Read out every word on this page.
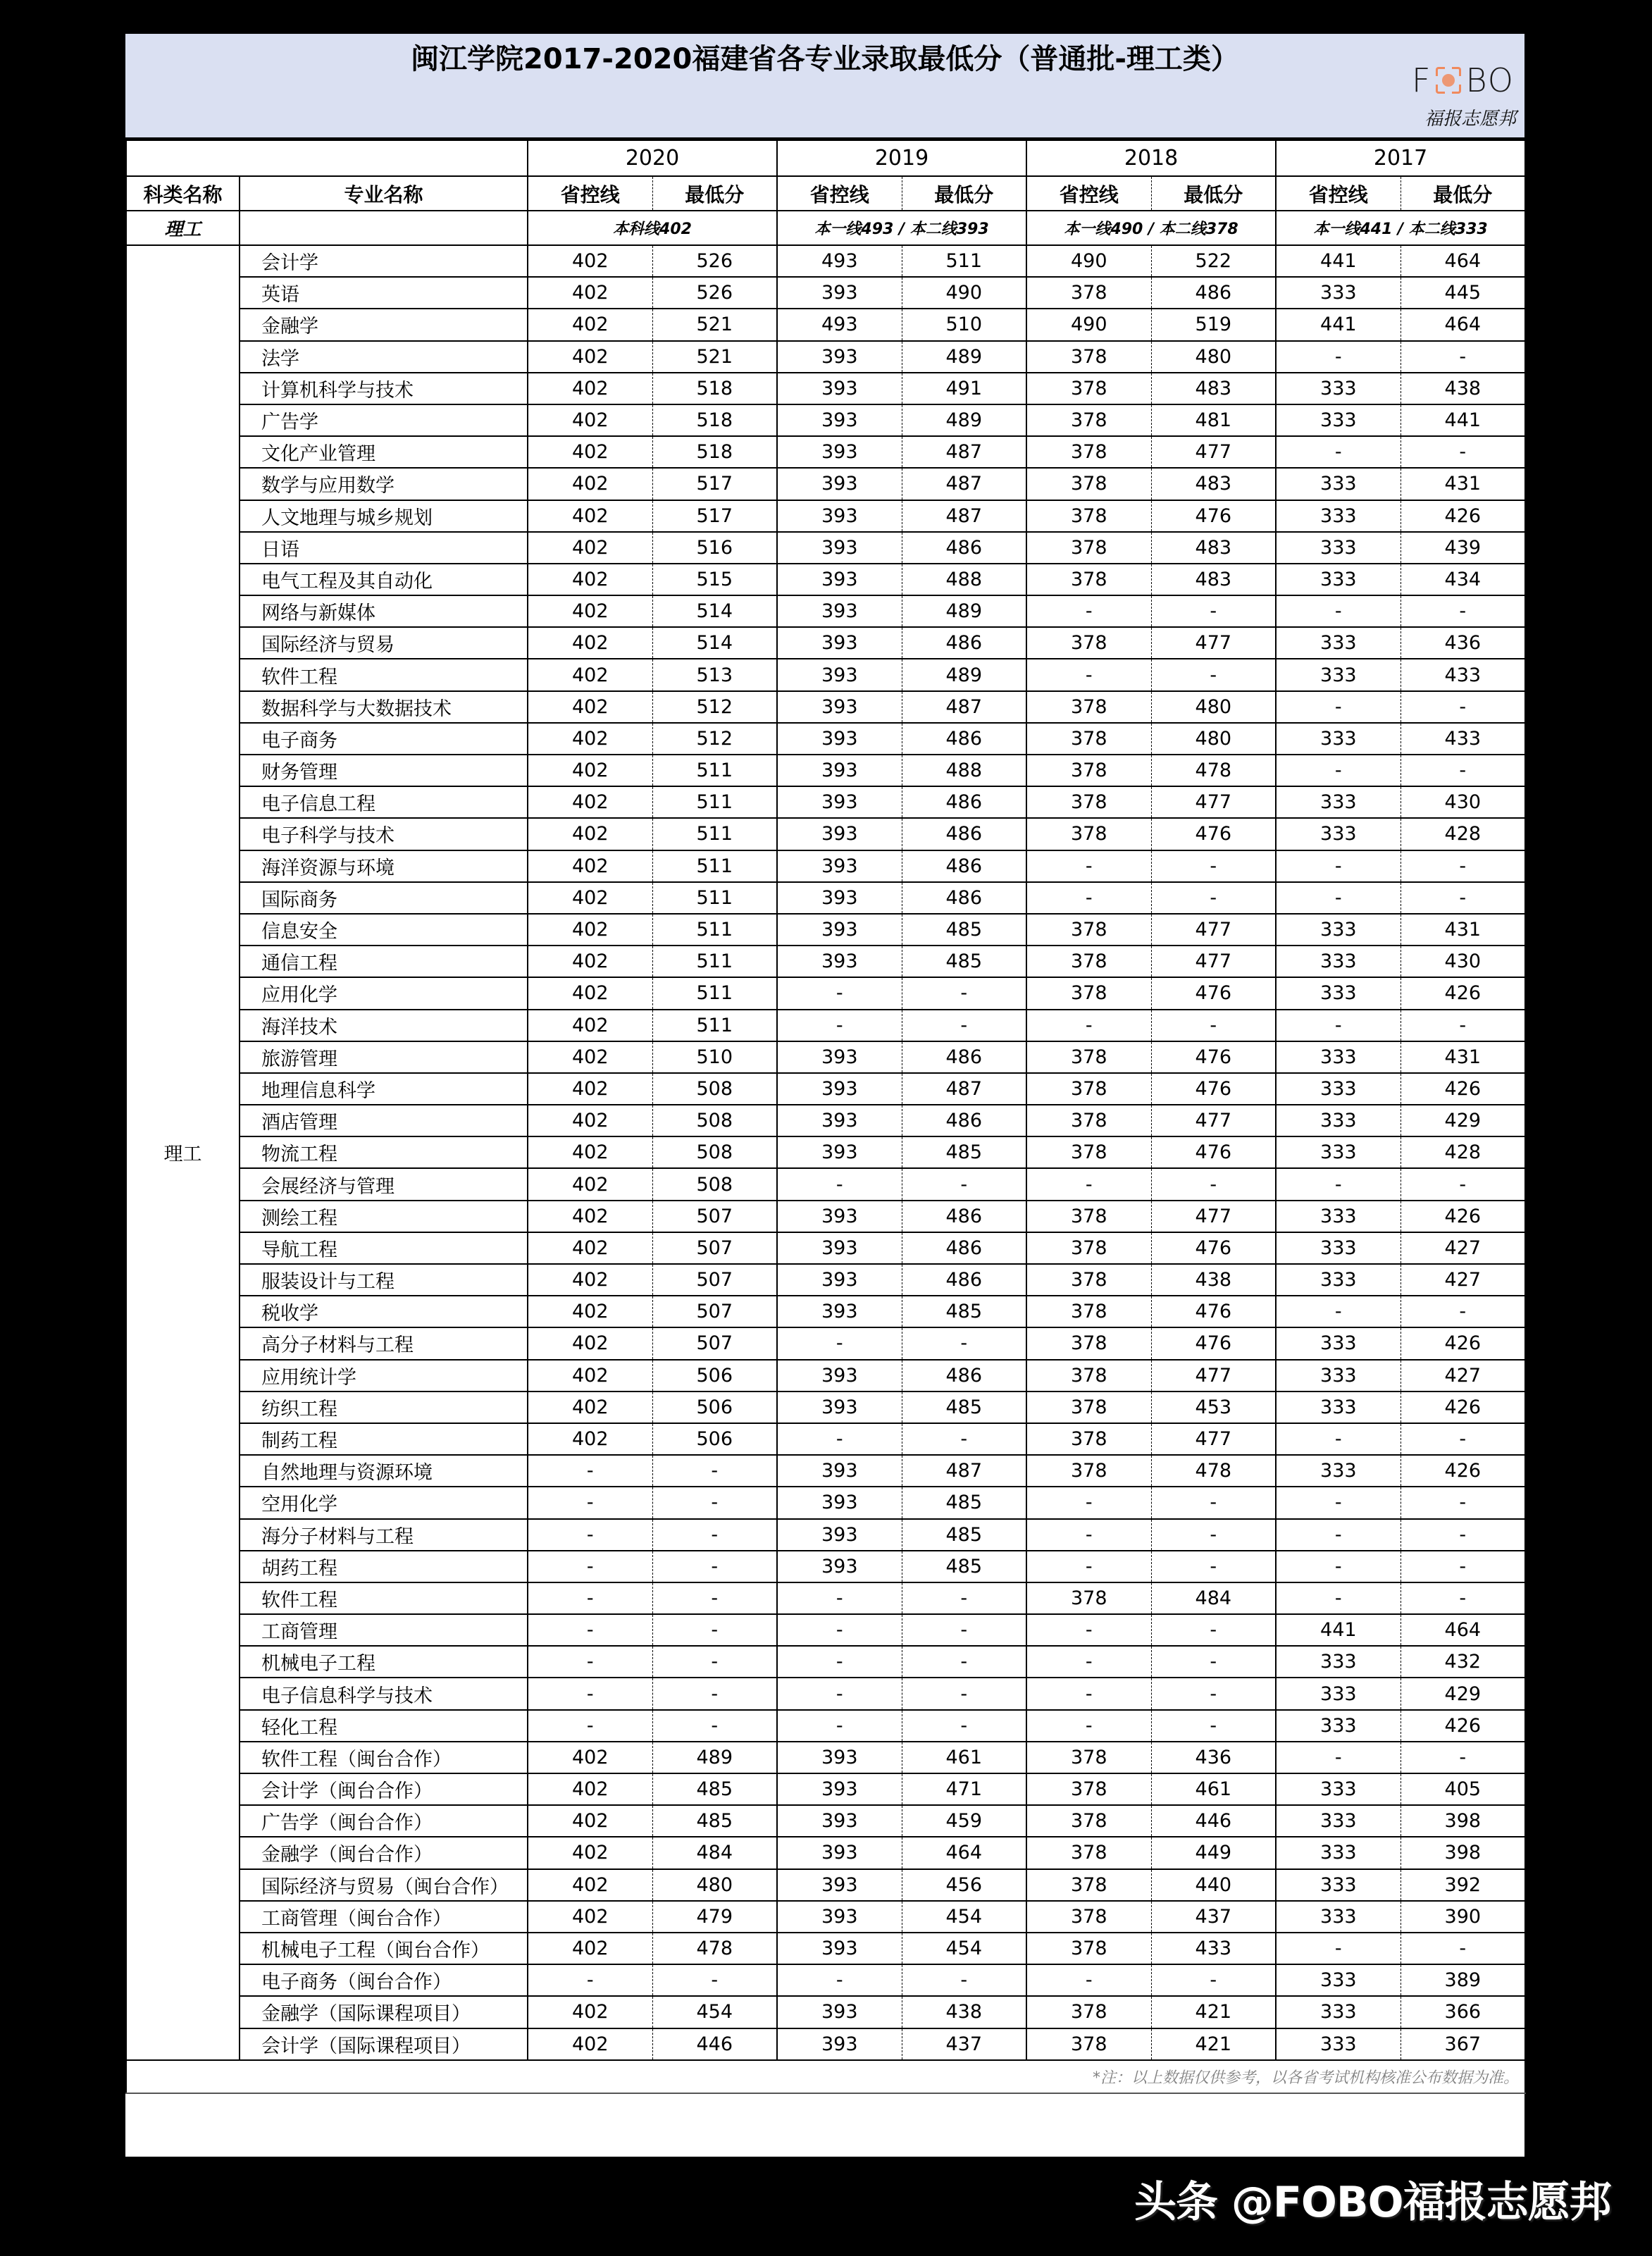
闽江学院2017-2020福建省各专业录取最低分（普通批-理工类）
F BO
福报志愿邦
		2020		2019		2018		2017	
科类名称	专业名称	省控线	最低分	省控线	最低分	省控线	最低分	省控线	最低分
理工		本科线402		本一线493 / 本二线393		本一线490 / 本二线378		本一线441 / 本二线333	
理工	会计学	402	526	493	511	490	522	441	464
	英语	402	526	393	490	378	486	333	445
	金融学	402	521	493	510	490	519	441	464
	法学	402	521	393	489	378	480	-	-
	计算机科学与技术	402	518	393	491	378	483	333	438
	广告学	402	518	393	489	378	481	333	441
	文化产业管理	402	518	393	487	378	477	-	-
	数学与应用数学	402	517	393	487	378	483	333	431
	人文地理与城乡规划	402	517	393	487	378	476	333	426
	日语	402	516	393	486	378	483	333	439
	电气工程及其自动化	402	515	393	488	378	483	333	434
	网络与新媒体	402	514	393	489	-	-	-	-
	国际经济与贸易	402	514	393	486	378	477	333	436
	软件工程	402	513	393	489	-	-	333	433
	数据科学与大数据技术	402	512	393	487	378	480	-	-
	电子商务	402	512	393	486	378	480	333	433
	财务管理	402	511	393	488	378	478	-	-
	电子信息工程	402	511	393	486	378	477	333	430
	电子科学与技术	402	511	393	486	378	476	333	428
	海洋资源与环境	402	511	393	486	-	-	-	-
	国际商务	402	511	393	486	-	-	-	-
	信息安全	402	511	393	485	378	477	333	431
	通信工程	402	511	393	485	378	477	333	430
	应用化学	402	511	-	-	378	476	333	426
	海洋技术	402	511	-	-	-	-	-	-
	旅游管理	402	510	393	486	378	476	333	431
	地理信息科学	402	508	393	487	378	476	333	426
	酒店管理	402	508	393	486	378	477	333	429
	物流工程	402	508	393	485	378	476	333	428
	会展经济与管理	402	508	-	-	-	-	-	-
	测绘工程	402	507	393	486	378	477	333	426
	导航工程	402	507	393	486	378	476	333	427
	服装设计与工程	402	507	393	486	378	438	333	427
	税收学	402	507	393	485	378	476	-	-
	高分子材料与工程	402	507	-	-	378	476	333	426
	应用统计学	402	506	393	486	378	477	333	427
	纺织工程	402	506	393	485	378	453	333	426
	制药工程	402	506	-	-	378	477	-	-
	自然地理与资源环境	-	-	393	487	378	478	333	426
	空用化学	-	-	393	485	-	-	-	-
	海分子材料与工程	-	-	393	485	-	-	-	-
	胡药工程	-	-	393	485	-	-	-	-
	软件工程	-	-	-	-	378	484	-	-
	工商管理	-	-	-	-	-	-	441	464
	机械电子工程	-	-	-	-	-	-	333	432
	电子信息科学与技术	-	-	-	-	-	-	333	429
	轻化工程	-	-	-	-	-	-	333	426
	软件工程（闽台合作）	402	489	393	461	378	436	-	-
	会计学（闽台合作）	402	485	393	471	378	461	333	405
	广告学（闽台合作）	402	485	393	459	378	446	333	398
	金融学（闽台合作）	402	484	393	464	378	449	333	398
	国际经济与贸易（闽台合作）	402	480	393	456	378	440	333	392
	工商管理（闽台合作）	402	479	393	454	378	437	333	390
	机械电子工程（闽台合作）	402	478	393	454	378	433	-	-
	电子商务（闽台合作）	-	-	-	-	-	-	333	389
	金融学（国际课程项目）	402	454	393	438	378	421	333	366
	会计学（国际课程项目）	402	446	393	437	378	421	333	367
*注：以上数据仅供参考，以各省考试机构核准公布数据为准。									
头条 @FOBO福报志愿邦
